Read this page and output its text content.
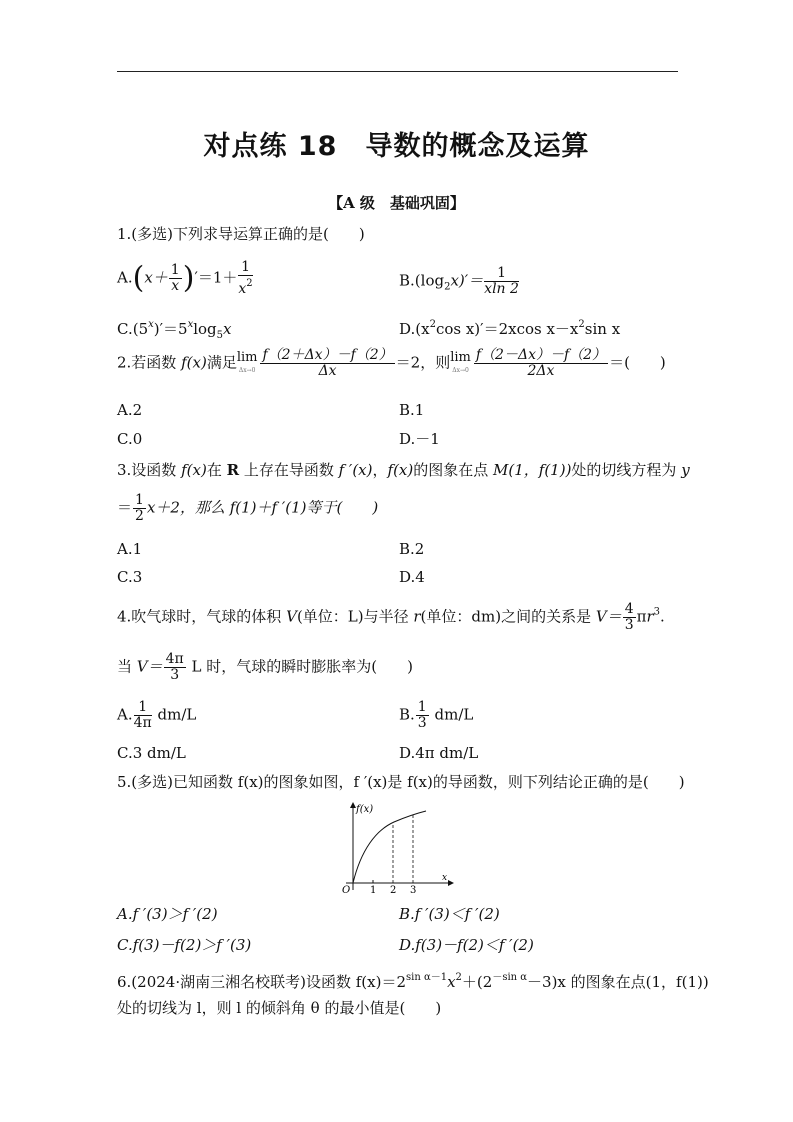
对点练 18　导数的概念及运算
【A 级　基础巩固】
1.(多选)下列求导运算正确的是(　　)
$A.(x+ \frac{1}{x} )'=1+ \frac{1}{x^2}$	$B.(\log_2x)'= \frac{1}{xln 2}$
$C.(5^x)'=5^x\log_5x$	$D.(x^2\cos$ x)′＝2xcos $x-x^2\sin$ x
2.若函数 f(x)满足lim
$\Delta x\to 0 \frac{f(2+\Delta x)-f(2)}{\Delta x} =2$，则lim
$\Delta x\to 0 \frac{f(2-\Delta x)-f(2)}{2\Delta x}$ ＝(　　)
A.2	B.1
C.0	D.－1
3.设函数 f(x)在 R 上存在导函数 f ′(x)，f(x)的图象在点 M(1，f(1))处的切线方程为 y
＝ $\frac{1}{2} x+2$，那么 f(1)＋f ′(1)等于(　　)
A.1	B.2
C.3	D.4
4.吹气球时，气球的体积 V(单位：L)与半径 r(单位：dm)之间的关系是 $V= \frac{4}{3} \pi r^3$.
当 $V= \frac{4\pi}{3}$ L 时，气球的瞬时膨胀率为(　　)
A. $\frac{1}{4\pi} dm/L$	B. $\frac{1}{3} dm/L$
C.3 dm/L	D.4π dm/L
5.(多选)已知函数 f(x)的图象如图，f ′(x)是 f(x)的导函数，则下列结论正确的是(　　)
f(x)
O 1 2 3
x
A.f ′(3)＞f ′(2)	B.f ′(3)＜f ′(2)
C.f(3)－f(2)＞f ′(3)	D.f(3)－f(2)＜f ′(2)
6.(2024·湖南三湘名校联考)设函数 $f(x)=2^{sin \alpha-1}x^2+(2^{-sin \alpha}-3)x$ 的图象在点(1，f(1))
处的切线为 l，则 l 的倾斜角 θ 的最小值是(　　)
